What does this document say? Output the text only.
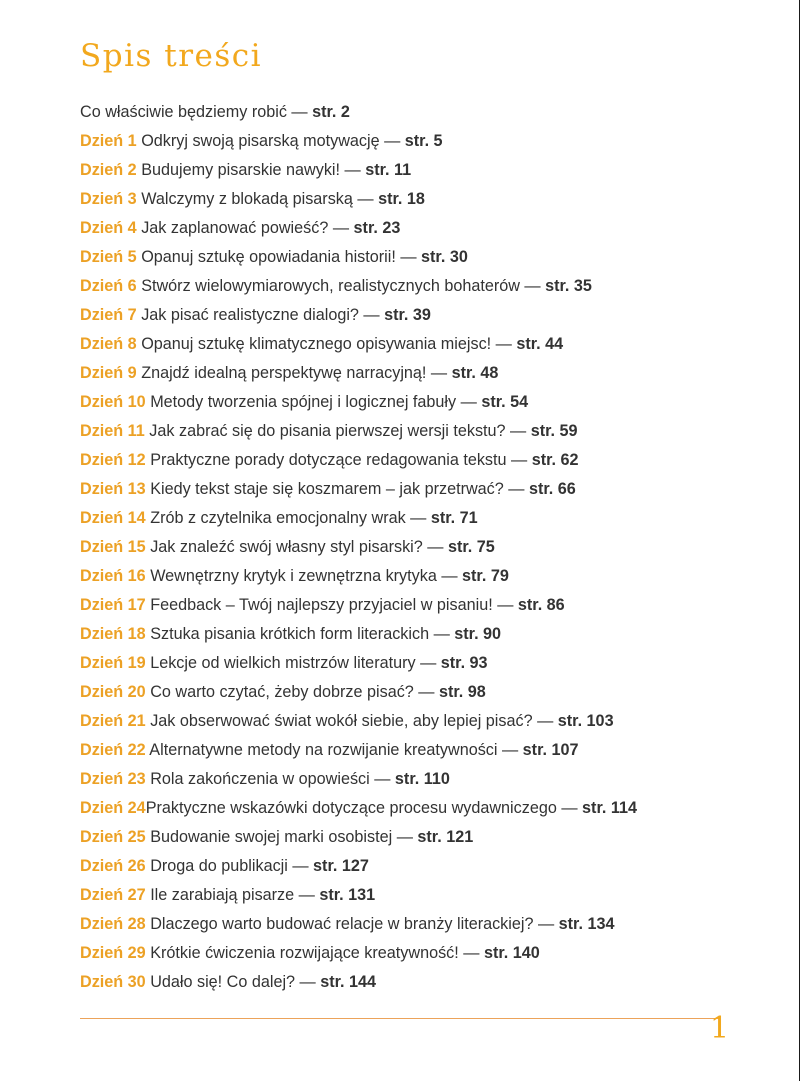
Spis treści
Co właściwie będziemy robić — str. 2
Dzień 1 Odkryj swoją pisarską motywację — str. 5
Dzień 2 Budujemy pisarskie nawyki! — str. 11
Dzień 3 Walczymy z blokadą pisarską — str. 18
Dzień 4 Jak zaplanować powieść? — str. 23
Dzień 5 Opanuj sztukę opowiadania historii! — str. 30
Dzień 6 Stwórz wielowymiarowych, realistycznych bohaterów — str. 35
Dzień 7 Jak pisać realistyczne dialogi? — str. 39
Dzień 8 Opanuj sztukę klimatycznego opisywania miejsc! — str. 44
Dzień 9 Znajdź idealną perspektywę narracyjną! — str. 48
Dzień 10 Metody tworzenia spójnej i logicznej fabuły — str. 54
Dzień 11 Jak zabrać się do pisania pierwszej wersji tekstu? — str. 59
Dzień 12 Praktyczne porady dotyczące redagowania tekstu — str. 62
Dzień 13 Kiedy tekst staje się koszmarem – jak przetrwać? — str. 66
Dzień 14 Zrób z czytelnika emocjonalny wrak — str. 71
Dzień 15 Jak znaleźć swój własny styl pisarski? — str. 75
Dzień 16 Wewnętrzny krytyk i zewnętrzna krytyka — str. 79
Dzień 17 Feedback – Twój najlepszy przyjaciel w pisaniu! — str. 86
Dzień 18 Sztuka pisania krótkich form literackich — str. 90
Dzień 19 Lekcje od wielkich mistrzów literatury — str. 93
Dzień 20 Co warto czytać, żeby dobrze pisać? — str. 98
Dzień 21 Jak obserwować świat wokół siebie, aby lepiej pisać? — str. 103
Dzień 22 Alternatywne metody na rozwijanie kreatywności — str. 107
Dzień 23 Rola zakończenia w opowieści — str. 110
Dzień 24Praktyczne wskazówki dotyczące procesu wydawniczego — str. 114
Dzień 25 Budowanie swojej marki osobistej — str. 121
Dzień 26 Droga do publikacji — str. 127
Dzień 27 Ile zarabiają pisarze — str. 131
Dzień 28 Dlaczego warto budować relacje w branży literackiej? — str. 134
Dzień 29 Krótkie ćwiczenia rozwijające kreatywność! — str. 140
Dzień 30 Udało się! Co dalej? — str. 144
1
